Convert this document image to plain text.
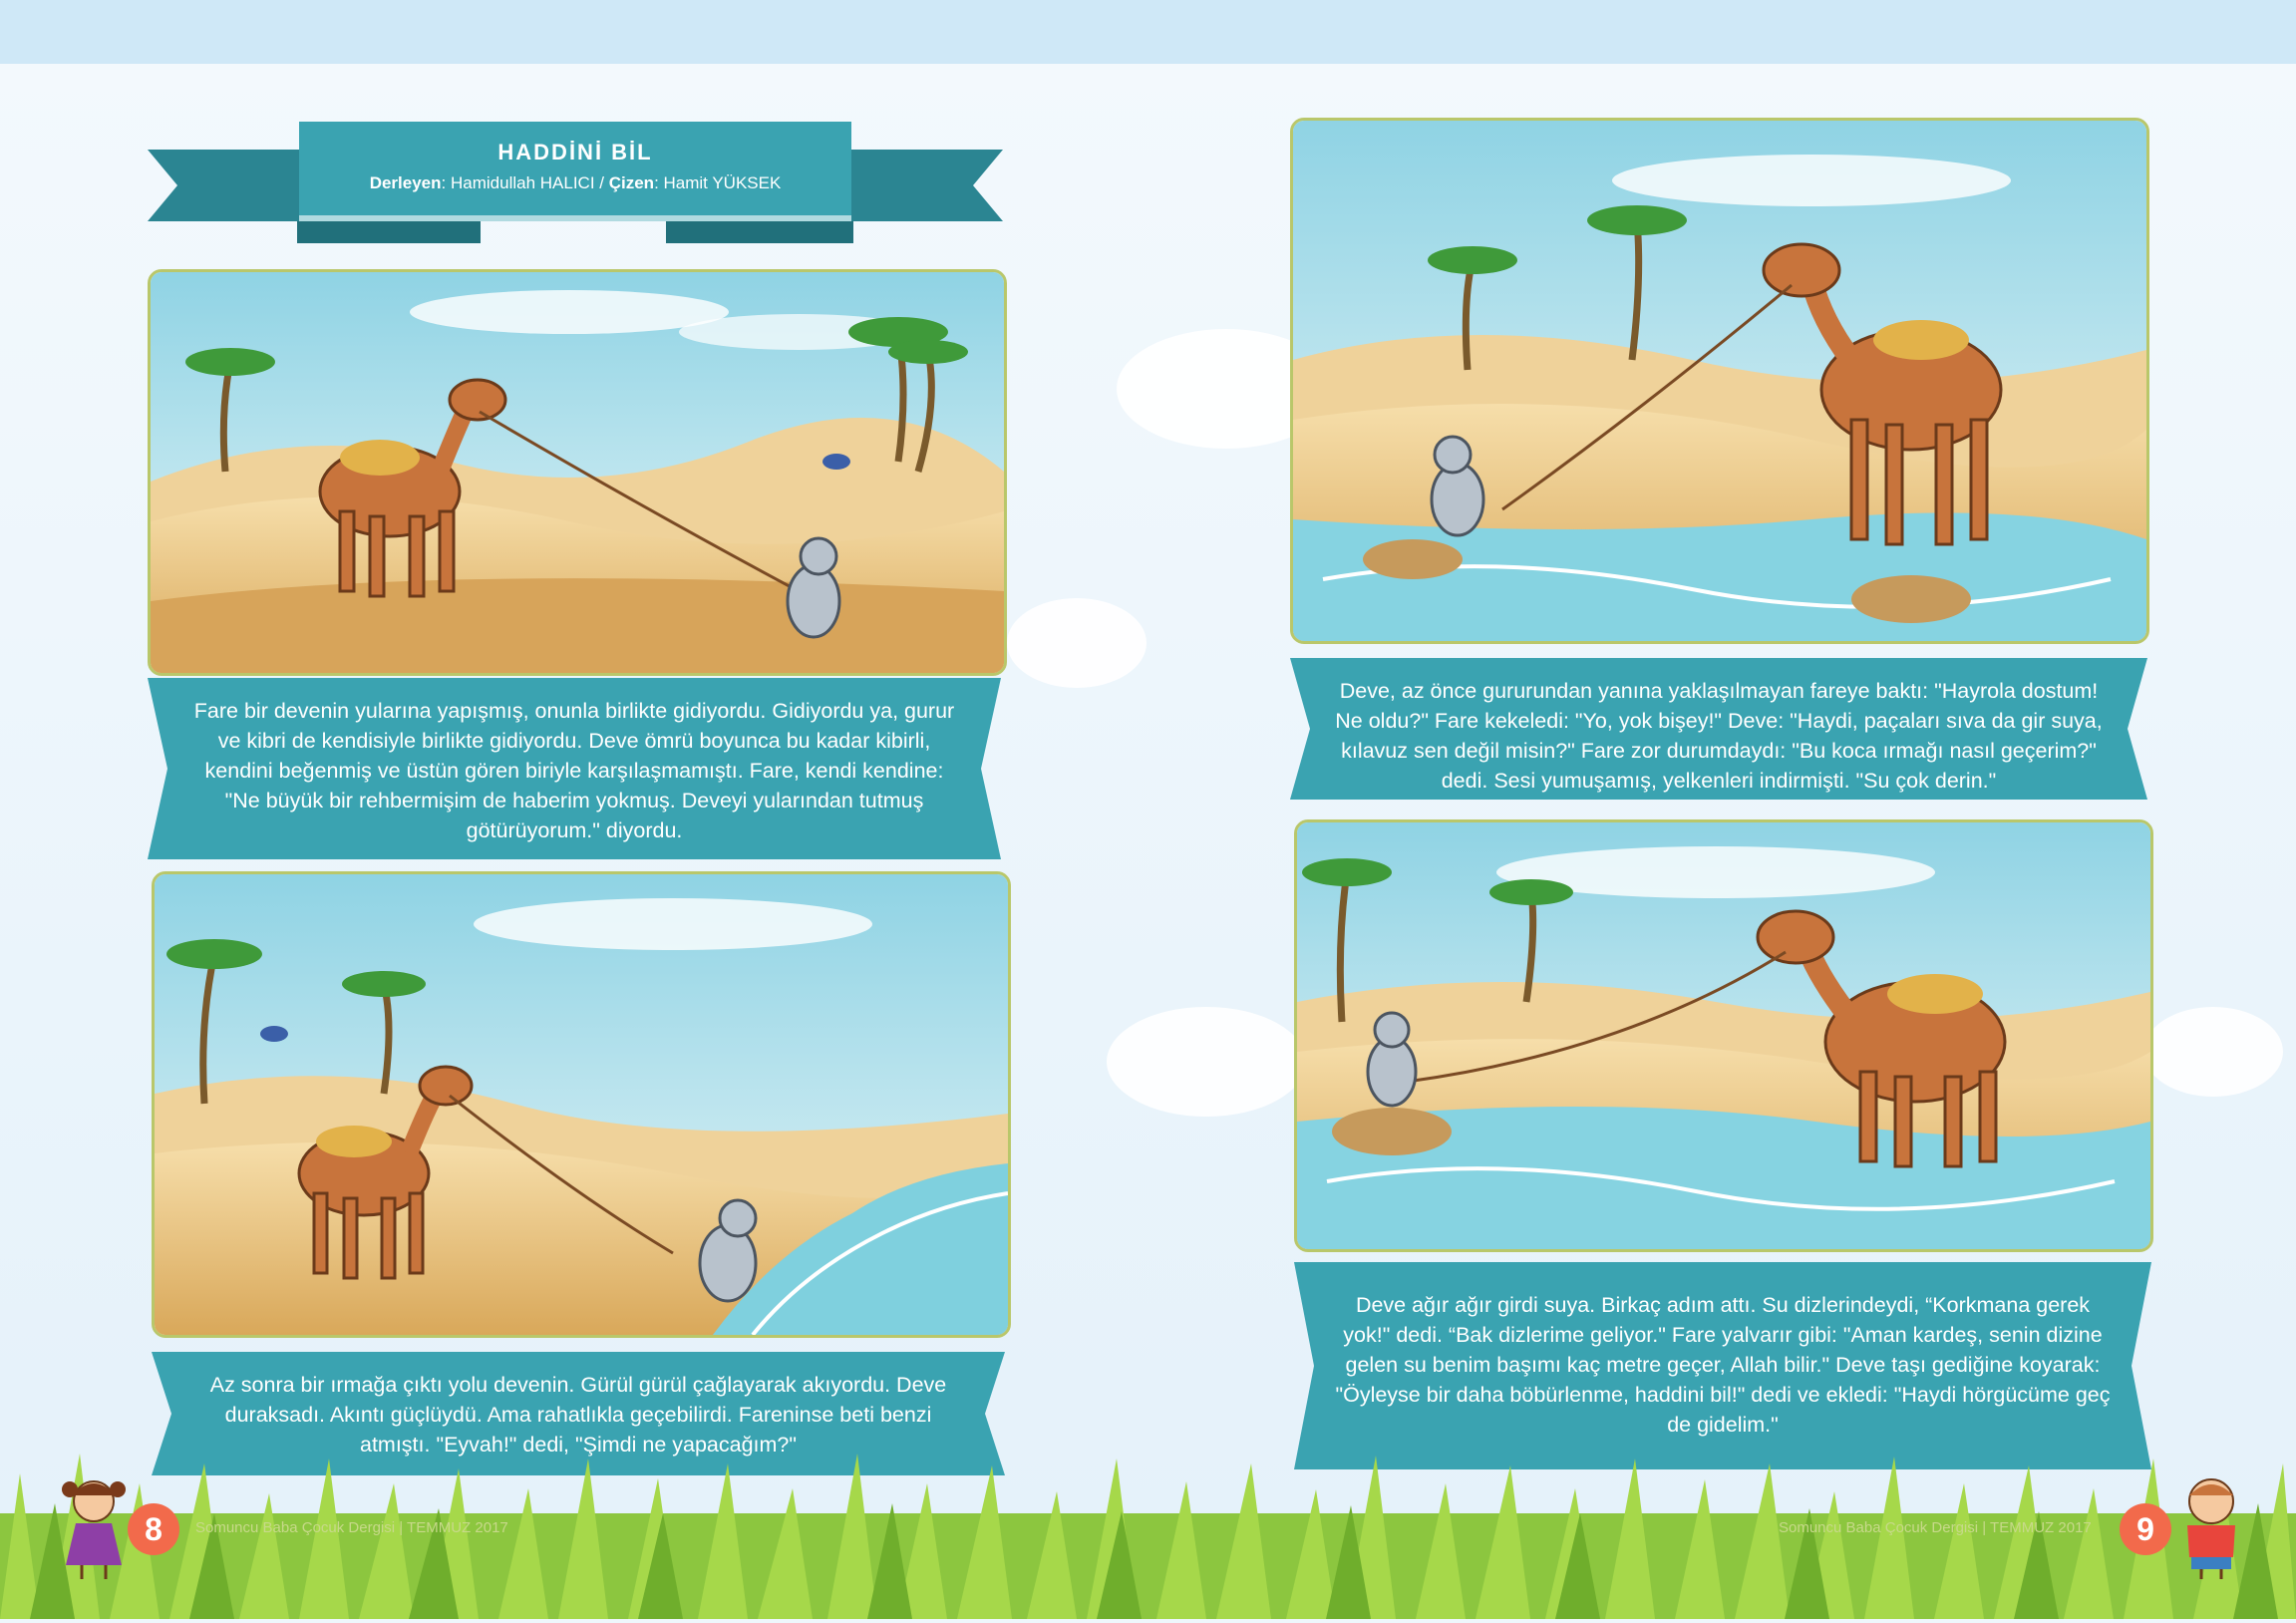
HADDİNİ BİL
Derleyen: Hamidullah HALICI / Çizen: Hamit YÜKSEK
Fare bir devenin yularına yapışmış, onunla birlikte gidiyordu. Gidiyordu ya, gurur ve kibri de kendisiyle birlikte gidiyordu. Deve ömrü boyunca bu kadar kibirli, kendini beğenmiş ve üstün gören biriyle karşılaşmamıştı. Fare, kendi kendine: "Ne büyük bir rehbermişim de haberim yokmuş. Deveyi yularından tutmuş götürüyorum." diyordu.
Az sonra bir ırmağa çıktı yolu devenin. Gürül gürül çağlayarak akıyordu. Deve duraksadı. Akıntı güçlüydü. Ama rahatlıkla geçebilirdi. Fareninse beti benzi atmıştı. "Eyvah!" dedi, "Şimdi ne yapacağım?"
Deve, az önce gururundan yanına yaklaşılmayan fareye baktı: "Hayrola dostum! Ne oldu?" Fare kekeledi: "Yo, yok bişey!" Deve: "Haydi, paçaları sıva da gir suya, kılavuz sen değil misin?" Fare zor durumdaydı: "Bu koca ırmağı nasıl geçerim?" dedi. Sesi yumuşamış, yelkenleri indirmişti. "Su çok derin."
Deve ağır ağır girdi suya. Birkaç adım attı. Su dizlerindeydi, “Korkmana gerek yok!" dedi. “Bak dizlerime geliyor." Fare yalvarır gibi: "Aman kardeş, senin dizine gelen su benim başımı kaç metre geçer, Allah bilir." Deve taşı gediğine koyarak: "Öyleyse bir daha böbürlenme, haddini bil!" dedi ve ekledi: "Haydi hörgücüme geç de gidelim."
8	Somuncu Baba Çocuk Dergisi | TEMMUZ 2017	Somuncu Baba Çocuk Dergisi | TEMMUZ 2017	9
